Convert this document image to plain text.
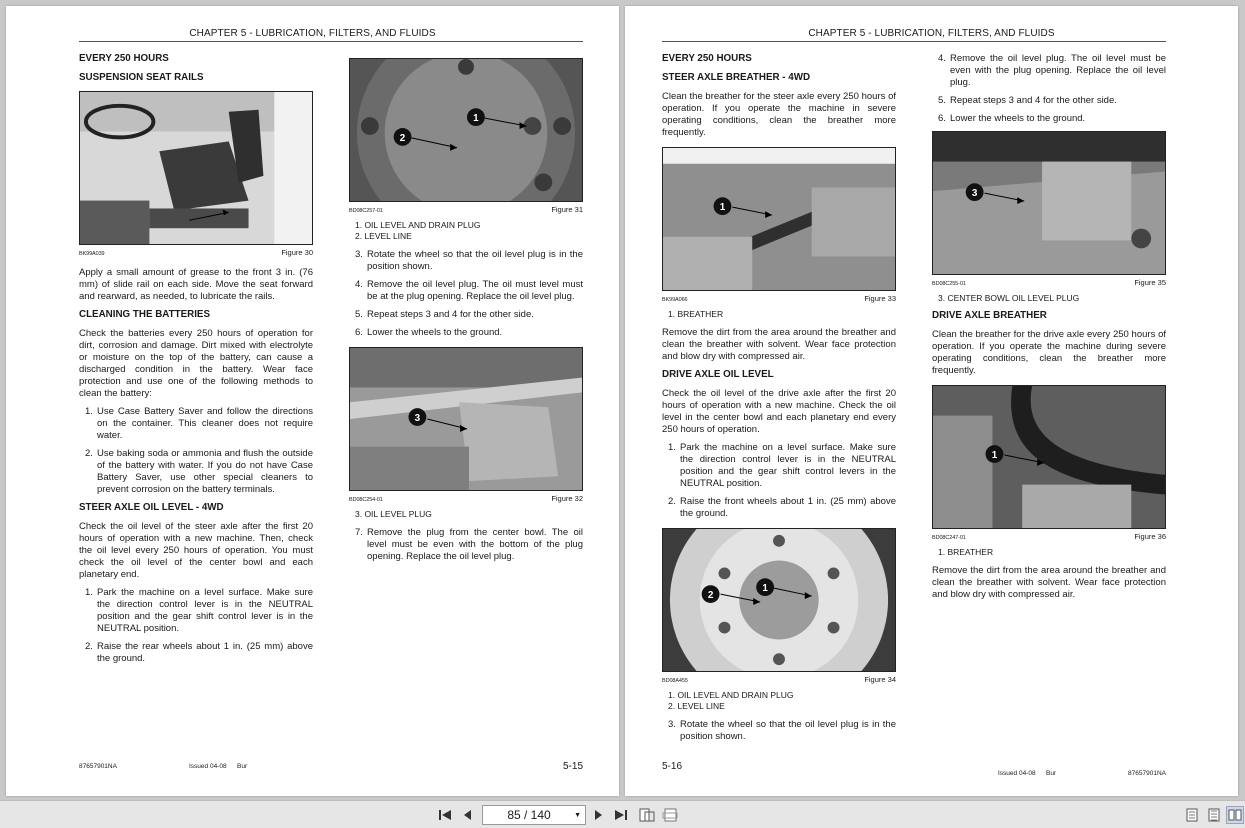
CHAPTER 5 - LUBRICATION, FILTERS, AND FLUIDS
EVERY 250 HOURS
SUSPENSION SEAT RAILS
BK99A039	Figure 30

Apply a small amount of grease to the front 3 in. (76 mm) of slide rail on each side. Move the seat forward and rearward, as needed, to lubricate the rails.

CLEANING THE BATTERIES

Check the batteries every 250 hours of operation for dirt, corrosion and damage. Dirt mixed with electrolyte or moisture on the top of the battery, can cause a discharged condition in the battery. Wear face protection and use one of the following methods to clean the battery:

1. Use Case Battery Saver and follow the directions on the container. This cleaner does not require water.
2. Use baking soda or ammonia and flush the outside of the battery with water. If you do not have Case Battery Saver, use other special cleaners to prevent corrosion on the battery terminals.
STEER AXLE OIL LEVEL - 4WD

Check the oil level of the steer axle after the first 20 hours of operation with a new machine. Then, check the oil level every 250 hours of operation. You must check the oil level of the center bowl and each planetary end.

1. Park the machine on a level surface. Make sure the direction control lever is in the NEUTRAL position and the gear shift control lever is in the NEUTRAL position.
2. Raise the rear wheels about 1 in. (25 mm) above the ground.
2
1
BD08C257-01	Figure 31
1. OIL LEVEL AND DRAIN PLUG
2. LEVEL LINE
3. Rotate the wheel so that the oil level plug is in the position shown.
4. Remove the oil level plug. The oil must level must be at the plug opening. Replace the oil level plug.
5. Repeat steps 3 and 4 for the other side.
6. Lower the wheels to the ground.
3
BD08C254-01	Figure 32
3. OIL LEVEL PLUG
7. Remove the plug from the center bowl. The oil level must be even with the bottom of the plug opening. Replace the oil level plug.
87657901NA	Issued 04-08 Bur	5-15
CHAPTER 5 - LUBRICATION, FILTERS, AND FLUIDS
EVERY 250 HOURS
STEER AXLE BREATHER - 4WD

Clean the breather for the steer axle every 250 hours of operation. If you operate the machine in severe operating conditions, clean the breather more frequently.

1
BK99A066	Figure 33
1. BREATHER

Remove the dirt from the area around the breather and clean the breather with solvent. Wear face protection and blow dry with compressed air.

DRIVE AXLE OIL LEVEL

Check the oil level of the drive axle after the first 20 hours of operation with a new machine. Check the oil level in the center bowl and each planetary end every 250 hours of operation.

1. Park the machine on a level surface. Make sure the direction control lever is in the NEUTRAL position and the gear shift control levers in the NEUTRAL position.
2. Raise the front wheels about 1 in. (25 mm) above the ground.
2
1
BD08A455	Figure 34
1. OIL LEVEL AND DRAIN PLUG
2. LEVEL LINE
3. Rotate the wheel so that the oil level plug is in the position shown.
4. Remove the oil level plug. The oil level must be even with the plug opening. Replace the oil level plug.
5. Repeat steps 3 and 4 for the other side.
6. Lower the wheels to the ground.
3
BD08C255-01	Figure 35
3. CENTER BOWL OIL LEVEL PLUG
DRIVE AXLE BREATHER

Clean the breather for the drive axle every 250 hours of operation. If you operate the machine during severe operating conditions, clean the breather more frequently.

1
BD08C247-01	Figure 36
1. BREATHER

Remove the dirt from the area around the breather and clean the breather with solvent. Wear face protection and blow dry with compressed air.

5-16
Issued 04-08 Bur	87657901NA
85 / 140	▼
